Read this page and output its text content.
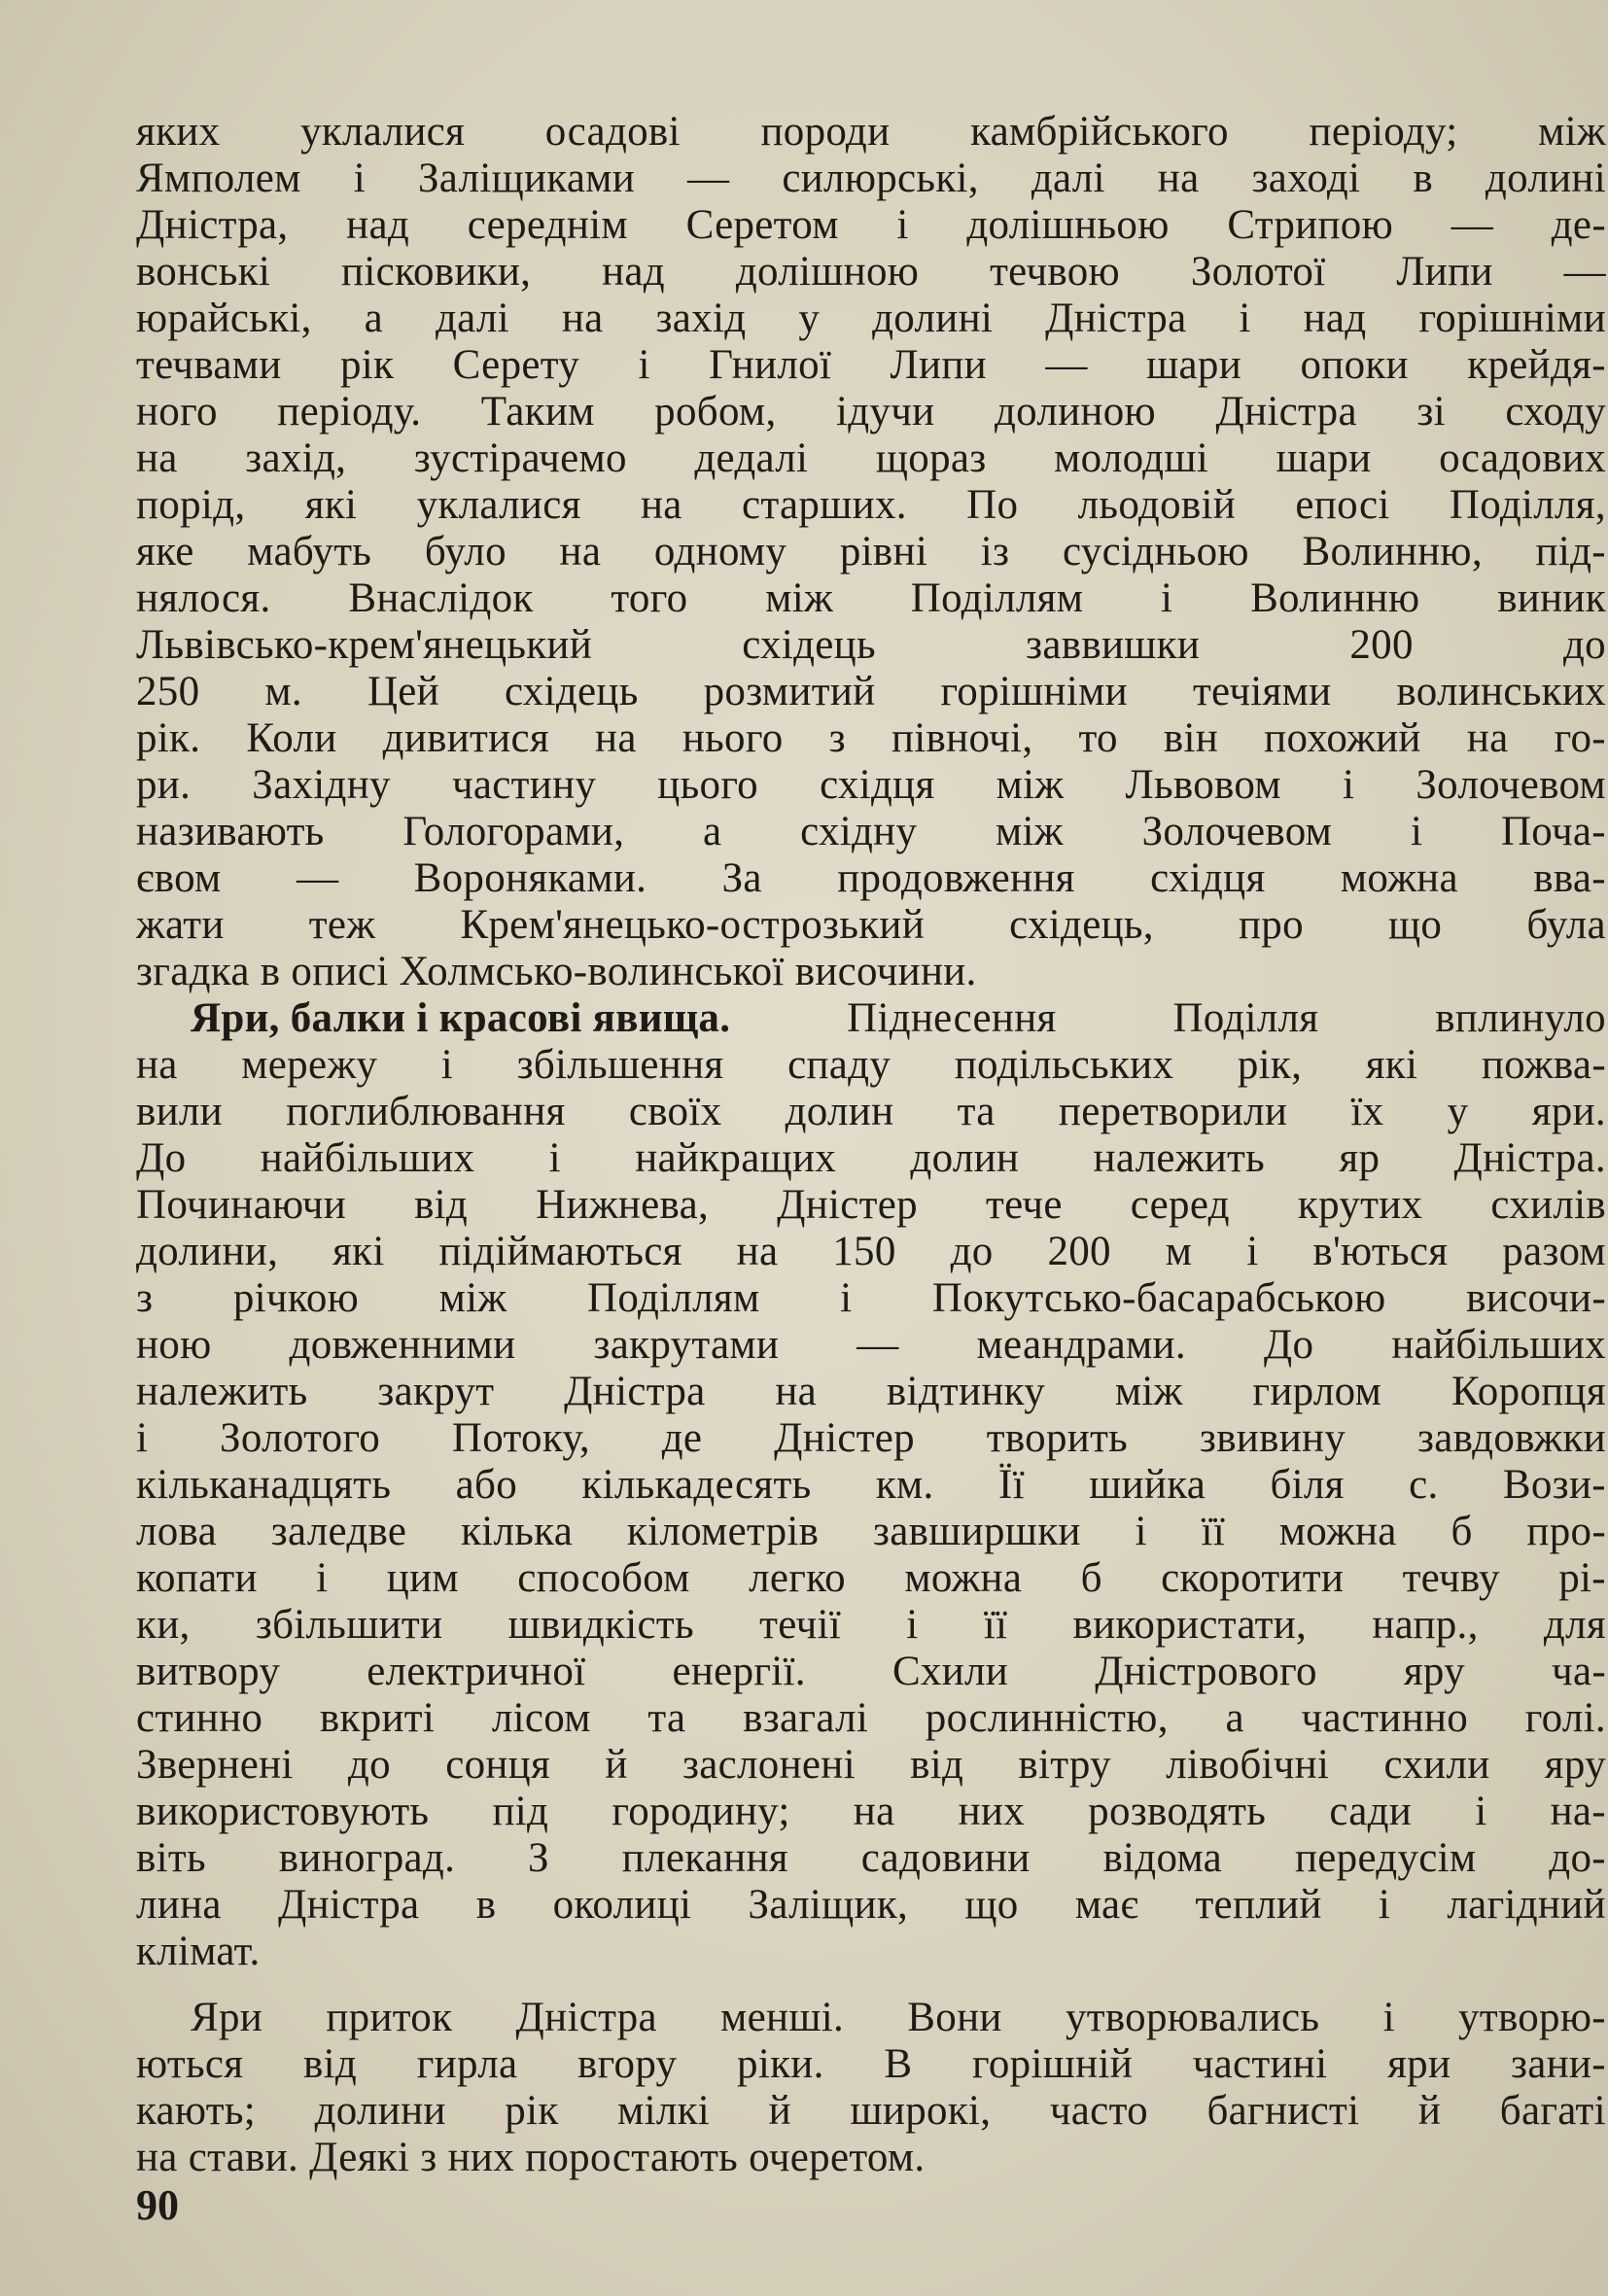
яких уклалися осадові породи камбрійського періоду; між
Ямполем і Заліщиками — силюрські, далі на заході в долині
Дністра, над середнім Серетом і долішньою Стрипою — де-
вонські пісковики, над долішною течвою Золотої Липи —
юрайські, а далі на захід у долині Дністра і над горішніми
течвами рік Серету і Гнилої Липи — шари опоки крейдя-
ного періоду. Таким робом, ідучи долиною Дністра зі сходу
на захід, зустірачемо дедалі щораз молодші шари осадових
порід, які уклалися на старших. По льодовій епосі Поділля,
яке мабуть було на одному рівні із сусідньою Волинню, під-
нялося. Внаслідок того між Поділлям і Волинню виник
Львівсько-крем'янецький	східець	заввишки	200	до
250 м. Цей східець розмитий горішніми течіями волинських
рік. Коли дивитися на нього з півночі, то він похожий на го-
ри. Західну частину цього східця між Львовом і Золочевом
називають Гологорами, а східну між Золочевом і Поча-
євом — Вороняками. За продовження східця можна вва-
жати теж Крем'янецько-острозький східець, про що була
згадка в описі Холмсько-волинської височини.
Яри, балки і красові явища.	Піднесення	Поділля	вплинуло
на мережу і збільшення спаду подільських рік, які пожва-
вили поглиблювання своїх долин та перетворили їх у яри.
До найбільших і найкращих долин належить яр Дністра.
Починаючи від Нижнева, Дністер тече серед крутих схилів
долини, які підіймаються на 150 до 200 м і в'ються разом
з річкою між Поділлям і Покутсько-басарабською височи-
ною довженними закрутами — меандрами. До найбільших
належить закрут Дністра на відтинку між гирлом Коропця
і Золотого Потоку, де Дністер творить звивину завдовжки
кільканадцять або кількадесять км. Її шийка біля с. Вози-
лова заледве кілька кілометрів завширшки і її можна б про-
копати і цим способом легко можна б скоротити течву рі-
ки, збільшити швидкість течії і її використати, напр., для
витвору електричної енергії. Схили Дністрового яру ча-
стинно вкриті лісом та взагалі рослинністю, а частинно голі.
Звернені до сонця й заслонені від вітру лівобічні схили яру
використовують під городину; на них розводять сади і на-
віть виноград. З плекання садовини відома передусім до-
лина Дністра в околиці Заліщик, що має теплий і лагідний
клімат.
Яри приток Дністра менші. Вони утворювались і утворю-
ються від гирла вгору ріки. В горішній частині яри зани-
кають; долини рік мілкі й широкі, часто багнисті й багаті
на стави. Деякі з них поростають очеретом.
90
